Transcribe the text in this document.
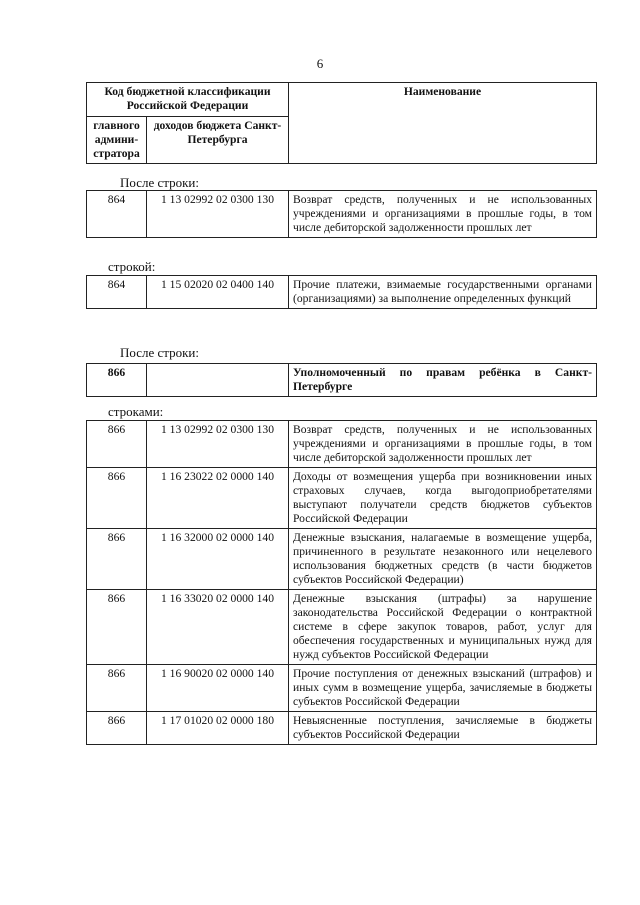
6
Код бюджетной классификации Российской Федерации		Наименование
главного админи-стратора	доходов бюджета Санкт-Петербурга	
После строки:
864	1 13 02992 02 0300 130	Возврат средств, полученных и не использованных учреждениями и организациями в прошлые годы, в том числе дебиторской задолженности прошлых лет
строкой:
864	1 15 02020 02 0400 140	Прочие платежи, взимаемые государственными органами (организациями) за выполнение определенных функций
После строки:
866		Уполномоченный по правам ребёнка в Санкт-Петербурге
строками:
866	1 13 02992 02 0300 130	Возврат средств, полученных и не использованных учреждениями и организациями в прошлые годы, в том числе дебиторской задолженности прошлых лет
866	1 16 23022 02 0000 140	Доходы от возмещения ущерба при возникновении иных страховых случаев, когда выгодоприобретателями выступают получатели средств бюджетов субъектов Российской Федерации
866	1 16 32000 02 0000 140	Денежные взыскания, налагаемые в возмещение ущерба, причиненного в результате незаконного или нецелевого использования бюджетных средств (в части бюджетов субъектов Российской Федерации)
866	1 16 33020 02 0000 140	Денежные взыскания (штрафы) за нарушение законодательства Российской Федерации о контрактной системе в сфере закупок товаров, работ, услуг для обеспечения государственных и муниципальных нужд для нужд субъектов Российской Федерации
866	1 16 90020 02 0000 140	Прочие поступления от денежных взысканий (штрафов) и иных сумм в возмещение ущерба, зачисляемые в бюджеты субъектов Российской Федерации
866	1 17 01020 02 0000 180	Невыясненные поступления, зачисляемые в бюджеты субъектов Российской Федерации
